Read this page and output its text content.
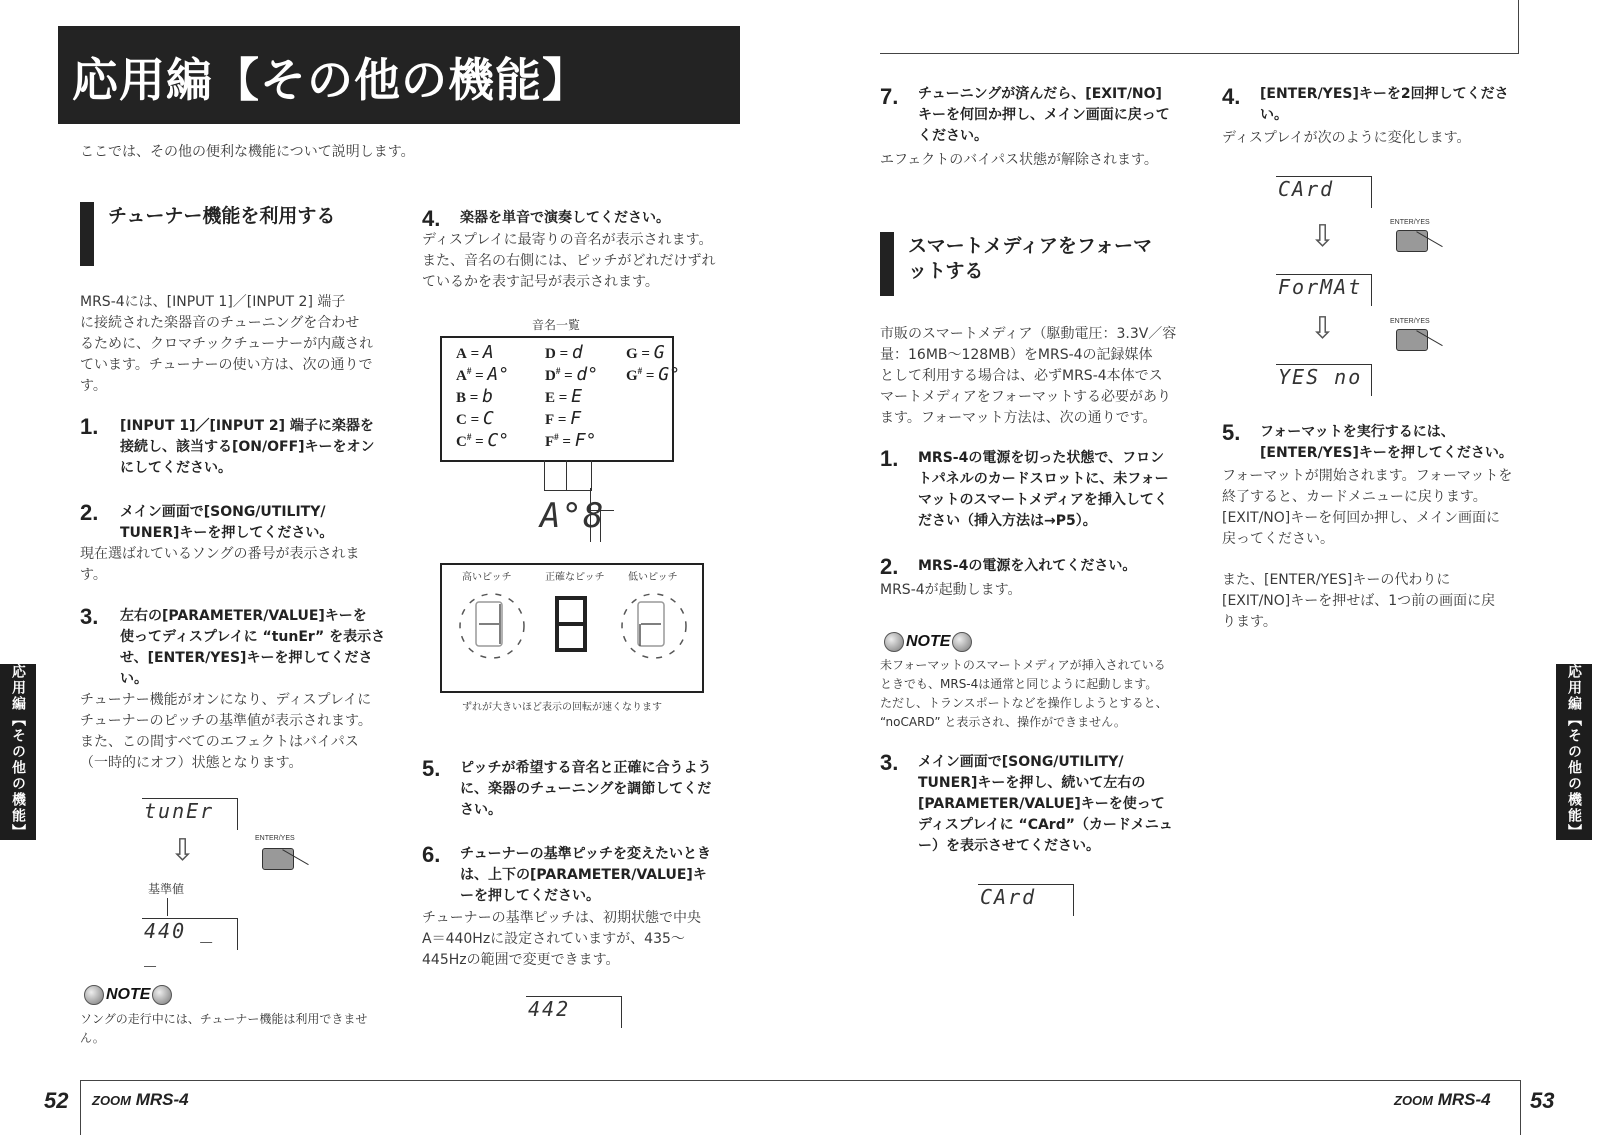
応用編【その他の機能】
ここでは、その他の便利な機能について説明します。
チューナー機能を利用する
MRS-4には、[INPUT 1]／[INPUT 2] 端子
に接続された楽器音のチューニングを合わせ
るために、クロマチックチューナーが内蔵され
ています。チューナーの使い方は、次の通りで
す。
1. [INPUT 1]／[INPUT 2] 端子に楽器を
接続し、該当する[ON/OFF]キーをオン
にしてください。
2. メイン画面で[SONG/UTILITY/
TUNER]キーを押してください。
現在選ばれているソングの番号が表示されま
す。
3. 左右の[PARAMETER/VALUE]キーを
使ってディスプレイに “tunEr” を表示さ
せ、[ENTER/YES]キーを押してくださ
い。
チューナー機能がオンになり、ディスプレイに
チューナーのピッチの基準値が表示されます。
また、この間すべてのエフェクトはバイパス
（一時的にオフ）状態となります。
tunEr
⇩	ENTER/YES
基準値
440 _ _
NOTE
ソングの走行中には、チューナー機能は利用できませ
ん。
4. 楽器を単音で演奏してください。
ディスプレイに最寄りの音名が表示されます。
また、音名の右側には、ピッチがどれだけずれ
ているかを表す記号が表示されます。
音名一覧
A = A
A# = A°
B = b
C = C
C# = C°
D = d
D# = d°
E = E
F = F
F# = F°
G = G
G# = G°
A°8
高いピッチ	正確なピッチ 低いピッチ
ずれが大きいほど表示の回転が速くなります
5. ピッチが希望する音名と正確に合うよう
に、楽器のチューニングを調節してくだ
さい。
6. チューナーの基準ピッチを変えたいとき
は、上下の[PARAMETER/VALUE]キ
ーを押してください。
チューナーの基準ピッチは、初期状態で中央
A＝440Hzに設定されていますが、435〜
445Hzの範囲で変更できます。
442
7. チューニングが済んだら、[EXIT/NO]
キーを何回か押し、メイン画面に戻って
ください。
エフェクトのバイパス状態が解除されます。
スマートメディアをフォーマ
ットする
市販のスマートメディア（駆動電圧：3.3V／容
量：16MB〜128MB）をMRS-4の記録媒体
として利用する場合は、必ずMRS-4本体でス
マートメディアをフォーマットする必要があり
ます。フォーマット方法は、次の通りです。
1. MRS-4の電源を切った状態で、フロン
トパネルのカードスロットに、未フォー
マットのスマートメディアを挿入してく
ださい（挿入方法は→P5）。
2. MRS-4の電源を入れてください。
MRS-4が起動します。
NOTE
未フォーマットのスマートメディアが挿入されている
ときでも、MRS-4は通常と同じように起動します。
ただし、トランスポートなどを操作しようとすると、
“noCARD” と表示され、操作ができません。
3. メイン画面で[SONG/UTILITY/
TUNER]キーを押し、続いて左右の
[PARAMETER/VALUE]キーを使って
ディスプレイに “CArd”（カードメニュ
ー）を表示させてください。
CArd
4. [ENTER/YES]キーを2回押してくださ
い。
ディスプレイが次のように変化します。
CArd
⇩	ENTER/YES
ForMAt
⇩	ENTER/YES
YES no
5. フォーマットを実行するには、
[ENTER/YES]キーを押してください。
フォーマットが開始されます。フォーマットを
終了すると、カードメニューに戻ります。
[EXIT/NO]キーを何回か押し、メイン画面に
戻ってください。
また、[ENTER/YES]キーの代わりに
[EXIT/NO]キーを押せば、1つ前の画面に戻
ります。
応用編【その他の機能】	応用編【その他の機能】
52 ZOOM MRS-4	ZOOM MRS-4 53
